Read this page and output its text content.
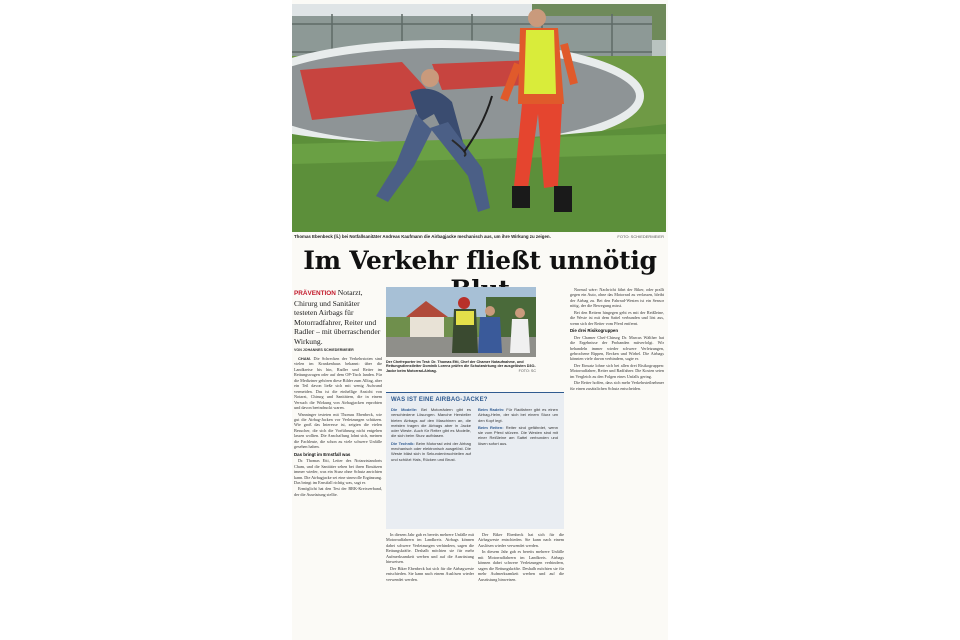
Thomas Ebenbeck (li.) bei Notfallsanitäter Andreas Kaufmann die Airbagjacke mechanisch aus, um ihre Wirkung zu zeigen.	FOTO: SCHIEDERMEIER
Im Verkehr fließt unnötig
PRÄVENTION Notarzt, Chirurg und Sanitäter testeten Airbags für Motorradfahrer, Reiter und Radler – mit überraschender Wirkung.
VON JOHANNES SCHIEDERMEIER

CHAM. Die Schrecken der Verkehrstoten sind vielen im Krankenhaus bekannt: über die Landkreise bis hin, Radler und Reiter im Rettungswagen oder auf dem OP-Tisch landen. Für die Mediziner gehören diese Bilder zum Alltag, aber ein Teil davon ließe sich mit wenig Aufwand vermeiden. Das ist die einhellige Ansicht von Notarzt, Chirurg und Sanitätern, die in einem Versuch die Wirkung von Airbagjacken erprobten und davon beeindruckt waren.

Wanninger testeten mit Thomas Ebenbeck, wie gut die Airbag-Jacken vor Verletzungen schützen. Wie groß das Interesse ist, zeigten die vielen Besucher, die sich die Vorführung nicht entgehen lassen wollten. Die Anschaffung lohnt sich, meinen die Fachleute, die schon zu viele schwere Unfälle gesehen haben.

Das bringt im Ernstfall was

Dr. Thomas Etti, Leiter des Notarztstandorts Cham, und die Sanitäter sehen bei ihren Einsätzen immer wieder, was ein Sturz ohne Schutz anrichten kann. Die Airbagjacke sei eine sinnvolle Ergänzung. Das bringt im Ernstfall richtig was, sagt er.

Ermöglicht hat den Test der BRK-Kreisverband, der die Ausrüstung stellte.

Der Chefreporter im Test: Dr. Thomas Etti, Chef der Chamer Notaufnahme, und Rettungsdienstleiter Dominik Lorenz prüfen die Schutzwirkung der ausgelösten D3O-Jacke beim Motorrad-Airbag.	FOTO: SC
WAS IST EINE AIRBAG-JACKE?

Die Modelle: Bei Motorrädern gibt es verschiedene Lösungen. Manche Hersteller bieten Airbags auf den Maschinen an, die meisten tragen die Airbags aber in Jacke oder Weste. Auch für Reiter gibt es Modelle, die sich beim Sturz aufblasen.

Die Technik: Beim Motorrad wird der Airbag mechanisch oder elektronisch ausgelöst. Die Weste bläst sich in Sekundenbruchteilen auf und schützt Hals, Rücken und Brust.

Beim Radeln: Für Radfahrer gibt es einen Airbag-Helm, der sich bei einem Sturz um den Kopf legt.

Beim Reiten: Reiter sind gefährdet, wenn sie vom Pferd stürzen. Die Westen sind mit einer Reißleine am Sattel verbunden und lösen sofort aus.

In diesem Jahr gab es bereits mehrere Unfälle mit Motorradfahrern im Landkreis. Airbags können dabei schwere Verletzungen verhindern, sagen die Rettungskräfte. Deshalb möchten sie für mehr Aufmerksamkeit werben und auf die Ausrüstung hinweisen.

Der Biker Ebenbeck hat sich für die Airbagweste entschieden. Sie kann nach einem Auslösen wieder verwendet werden.

Der Biker Ebenbeck hat sich für die Airbagweste entschieden. Sie kann nach einem Auslösen wieder verwendet werden.

In diesem Jahr gab es bereits mehrere Unfälle mit Motorradfahrern im Landkreis. Airbags können dabei schwere Verletzungen verhindern, sagen die Rettungskräfte. Deshalb möchten sie für mehr Aufmerksamkeit werben und auf die Ausrüstung hinweisen.

Normal wäre: Nachricht fährt der Biker, oder prallt gegen ein Auto, ohne das Motorrad zu verlassen, bleibt der Airbag zu. Bei den Fahrrad-Westen ist ein Sensor nötig, der die Bewegung misst.

Bei den Reitern hingegen geht es mit der Reißleine, die Weste ist mit dem Sattel verbunden und löst aus, wenn sich der Reiter vom Pferd entfernt.

Die drei Risikogruppen

Der Chamer Chef-Chirurg Dr. Marcus Wälther hat die Ergebnisse der Probanden mitverfolgt. Wir behandeln immer wieder schwere Verletzungen, gebrochene Rippen, Becken und Wirbel. Die Airbags könnten viele davon verhindern, sagte er.

Der Einsatz lohne sich bei allen drei Risikogruppen: Motorradfahrer, Reiter und Radfahrer. Die Kosten seien im Vergleich zu den Folgen eines Unfalls gering.

Die Retter hoffen, dass sich mehr Verkehrsteilnehmer für einen zusätzlichen Schutz entscheiden.
